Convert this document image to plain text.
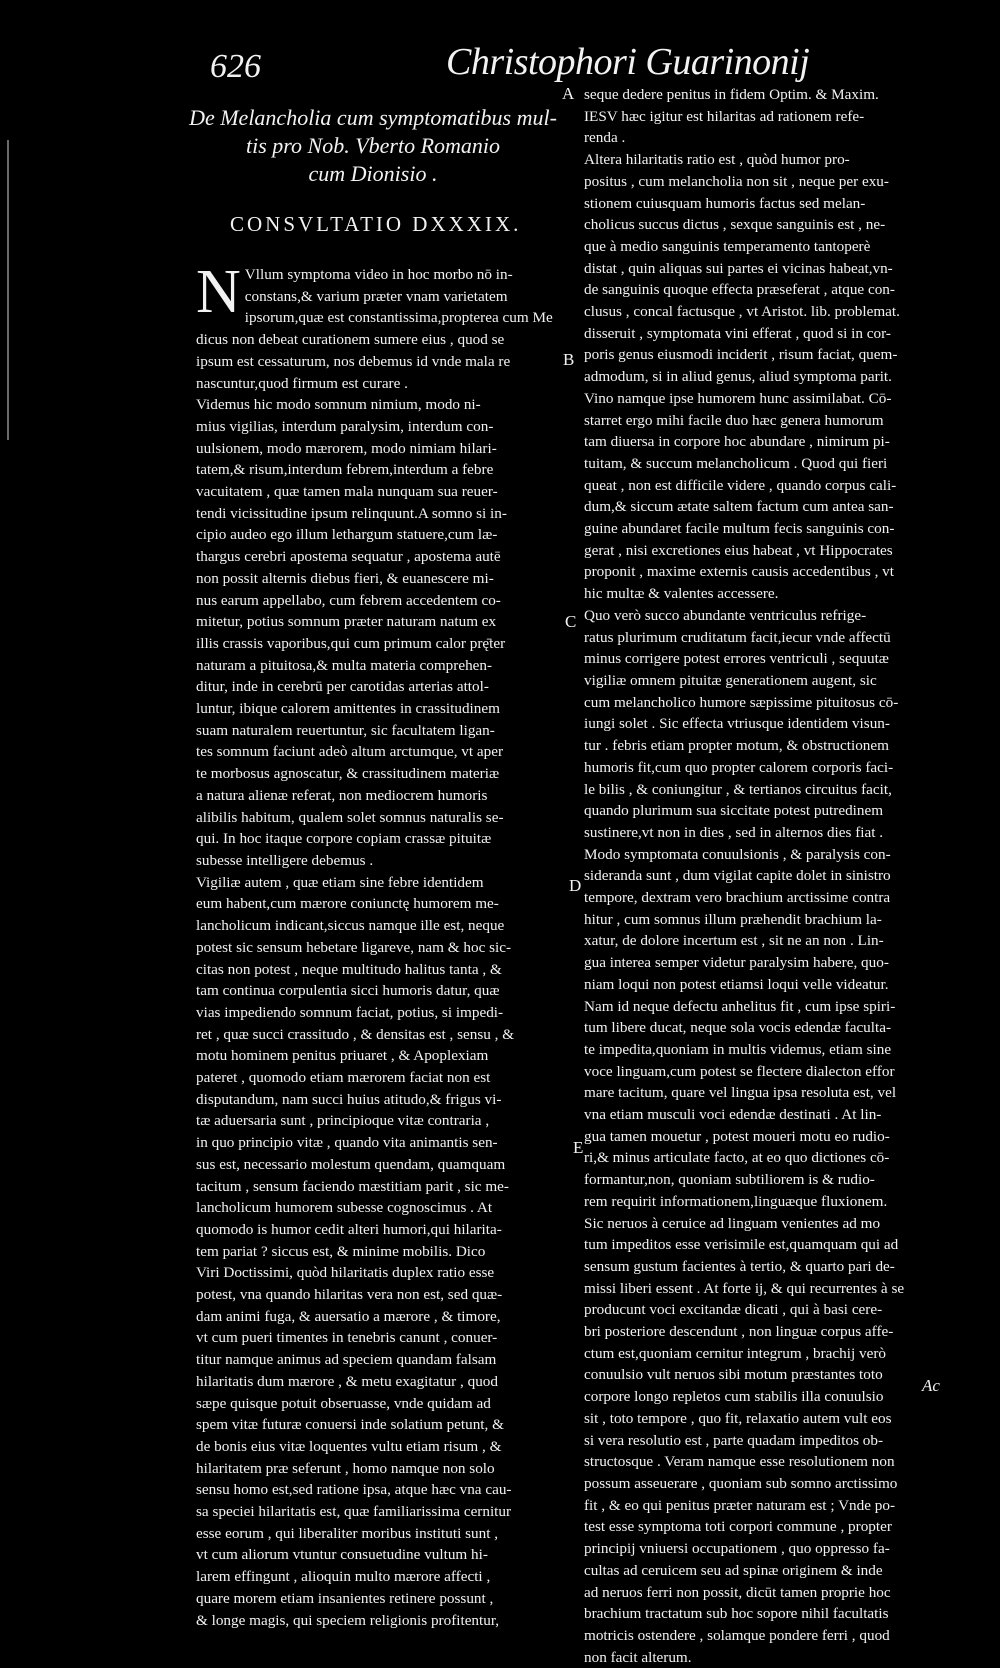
626	Christophori Guarinonij
De Melancholia cum symptomatibus mul-
tis pro Nob. Vberto Romanio
cum Dionisio .
CONSVLTATIO DXXXIX.
N Vllum symptoma video in hoc morbo nō in-
constans,& varium præter vnam varietatem
ipsorum,quæ est constantissima,propterea cum Me
dicus non debeat curationem sumere eius , quod se
ipsum est cessaturum, nos debemus id vnde mala re
nascuntur,quod firmum est curare .
Videmus hic modo somnum nimium, modo ni-
mius vigilias, interdum paralysim, interdum con-
uulsionem, modo mærorem, modo nimiam hilari-
tatem,& risum,interdum febrem,interdum a febre
vacuitatem , quæ tamen mala nunquam sua reuer-
tendi vicissitudine ipsum relinquunt.A somno si in-
cipio audeo ego illum lethargum statuere,cum læ-
thargus cerebri apostema sequatur , apostema autē
non possit alternis diebus fieri, & euanescere mi-
nus earum appellabo, cum febrem accedentem co-
mitetur, potius somnum præter naturam natum ex
illis crassis vaporibus,qui cum primum calor prę̄ter
naturam a pituitosa,& multa materia comprehen-
ditur, inde in cerebrū per carotidas arterias attol-
luntur, ibique calorem amittentes in crassitudinem
suam naturalem reuertuntur, sic facultatem ligan-
tes somnum faciunt adeò altum arctumque, vt aper
te morbosus agnoscatur, & crassitudinem materiæ
a natura alienæ referat, non mediocrem humoris
alibilis habitum, qualem solet somnus naturalis se-
qui. In hoc itaque corpore copiam crassæ pituitæ
subesse intelligere debemus .
Vigiliæ autem , quæ etiam sine febre identidem
eum habent,cum mærore coniunctę humorem me-
lancholicum indicant,siccus namque ille est, neque
potest sic sensum hebetare ligareve, nam & hoc sic-
citas non potest , neque multitudo halitus tanta , &
tam continua corpulentia sicci humoris datur, quæ
vias impediendo somnum faciat, potius, si impedi-
ret , quæ succi crassitudo , & densitas est , sensu , &
motu hominem penitus priuaret , & Apoplexiam
pateret , quomodo etiam mærorem faciat non est
disputandum, nam succi huius atitudo,& frigus vi-
tæ aduersaria sunt , principioque vitæ contraria ,
in quo principio vitæ , quando vita animantis sen-
sus est, necessario molestum quendam, quamquam
tacitum , sensum faciendo mæstitiam parit , sic me-
lancholicum humorem subesse cognoscimus . At
quomodo is humor cedit alteri humori,qui hilarita-
tem pariat ? siccus est, & minime mobilis. Dico
Viri Doctissimi, quòd hilaritatis duplex ratio esse
potest, vna quando hilaritas vera non est, sed quæ-
dam animi fuga, & auersatio a mærore , & timore,
vt cum pueri timentes in tenebris canunt , conuer-
titur namque animus ad speciem quandam falsam
hilaritatis dum mærore , & metu exagitatur , quod
sæpe quisque potuit obseruasse, vnde quidam ad
spem vitæ futuræ conuersi inde solatium petunt, &
de bonis eius vitæ loquentes vultu etiam risum , &
hilaritatem præ seferunt , homo namque non solo
sensu homo est,sed ratione ipsa, atque hæc vna cau-
sa speciei hilaritatis est, quæ familiarissima cernitur
esse eorum , qui liberaliter moribus instituti sunt ,
vt cum aliorum vtuntur consuetudine vultum hi-
larem effingunt , alioquin multo mærore affecti ,
quare morem etiam insanientes retinere possunt ,
& longe magis, qui speciem religionis profitentur,
seque dedere penitus in fidem Optim. & Maxim.
IESV hæc igitur est hilaritas ad rationem refe-
renda .
Altera hilaritatis ratio est , quòd humor pro-
positus , cum melancholia non sit , neque per exu-
stionem cuiusquam humoris factus sed melan-
cholicus succus dictus , sexque sanguinis est , ne-
que à medio sanguinis temperamento tantoperè
distat , quin aliquas sui partes ei vicinas habeat,vn-
de sanguinis quoque effecta præseferat , atque con-
clusus , concal factusque , vt Aristot. lib. problemat.
disseruit , symptomata vini efferat , quod si in cor-
poris genus eiusmodi inciderit , risum faciat, quem-
admodum, si in aliud genus, aliud symptoma parit.
Vino namque ipse humorem hunc assimilabat. Cō-
starret ergo mihi facile duo hæc genera humorum
tam diuersa in corpore hoc abundare , nimirum pi-
tuitam, & succum melancholicum . Quod qui fieri
queat , non est difficile videre , quando corpus cali-
dum,& siccum ætate saltem factum cum antea san-
guine abundaret facile multum fecis sanguinis con-
gerat , nisi excretiones eius habeat , vt Hippocrates
proponit , maxime externis causis accedentibus , vt
hic multæ & valentes accessere.
Quo verò succo abundante ventriculus refrige-
ratus plurimum cruditatum facit,iecur vnde affectū
minus corrigere potest errores ventriculi , sequutæ
vigiliæ omnem pituitæ generationem augent, sic
cum melancholico humore sæpissime pituitosus cō-
iungi solet . Sic effecta vtriusque identidem visun-
tur . febris etiam propter motum, & obstructionem
humoris fit,cum quo propter calorem corporis faci-
le bilis , & coniungitur , & tertianos circuitus facit,
quando plurimum sua siccitate potest putredinem
sustinere,vt non in dies , sed in alternos dies fiat .
Modo symptomata conuulsionis , & paralysis con-
siderandа sunt , dum vigilat capite dolet in sinistro
tempore, dextram vero brachium arctissime contra
hitur , cum somnus illum præhendit brachium la-
xatur, de dolore incertum est , sit ne an non . Lin-
gua interea semper videtur paralysim habere, quo-
niam loqui non potest etiamsi loqui velle videatur.
Nam id neque defectu anhelitus fit , cum ipse spiri-
tum libere ducat, neque sola vocis edendæ facultа-
te impedita,quoniam in multis videmus, etiam sine
voce linguam,cum potest se flectere dialecton effor
mare tacitum, quare vel lingua ipsa resoluta est, vel
vna etiam musculi voci edendæ destinati . At lin-
gua tamen mouetur , potest moueri motu eo rudio-
ri,& minus articulate facto, at eo quo dictiones cō-
formantur,non, quoniam subtiliorem is & rudio-
rem requirit informationem,linguæque fluxionem.
Sic neruos à ceruice ad linguam venientes ad mo
tum impeditos esse verisimile est,quamquam qui ad
sensum gustum facientes à tertio, & quarto pari de-
missi liberi essent . At forte ij, & qui recurrentes à se
producunt voci excitandæ dicati , qui à basi cere-
bri posteriore descendunt , non linguæ corpus affe-
ctum est,quoniam cernitur integrum , brachij verò
conuulsio vult neruos sibi motum præstantes toto
corpore longo repletos cum stabilis illa conuulsio
sit , toto tempore , quo fit, relaxatio autem vult eos
si vera resolutio est , parte quadam impeditos ob-
structosque . Veram namque esse resolutionem non
possum asseuerare , quoniam sub somno arctissimo
fit , & eo qui penitus præter naturam est ; Vnde po-
test esse symptoma toti corpori commune , propter
principij vniuersi occupationem , quo oppresso fa-
cultas ad ceruicem seu ad spinæ originem & inde
ad neruos ferri non possit, dicūt tamen proprie hoc
brachium tractatum sub hoc sopore nihil facultatis
motricis ostendere , solamque pondere ferri , quod
non facit alterum.
A
B
C
D
E
Ac
